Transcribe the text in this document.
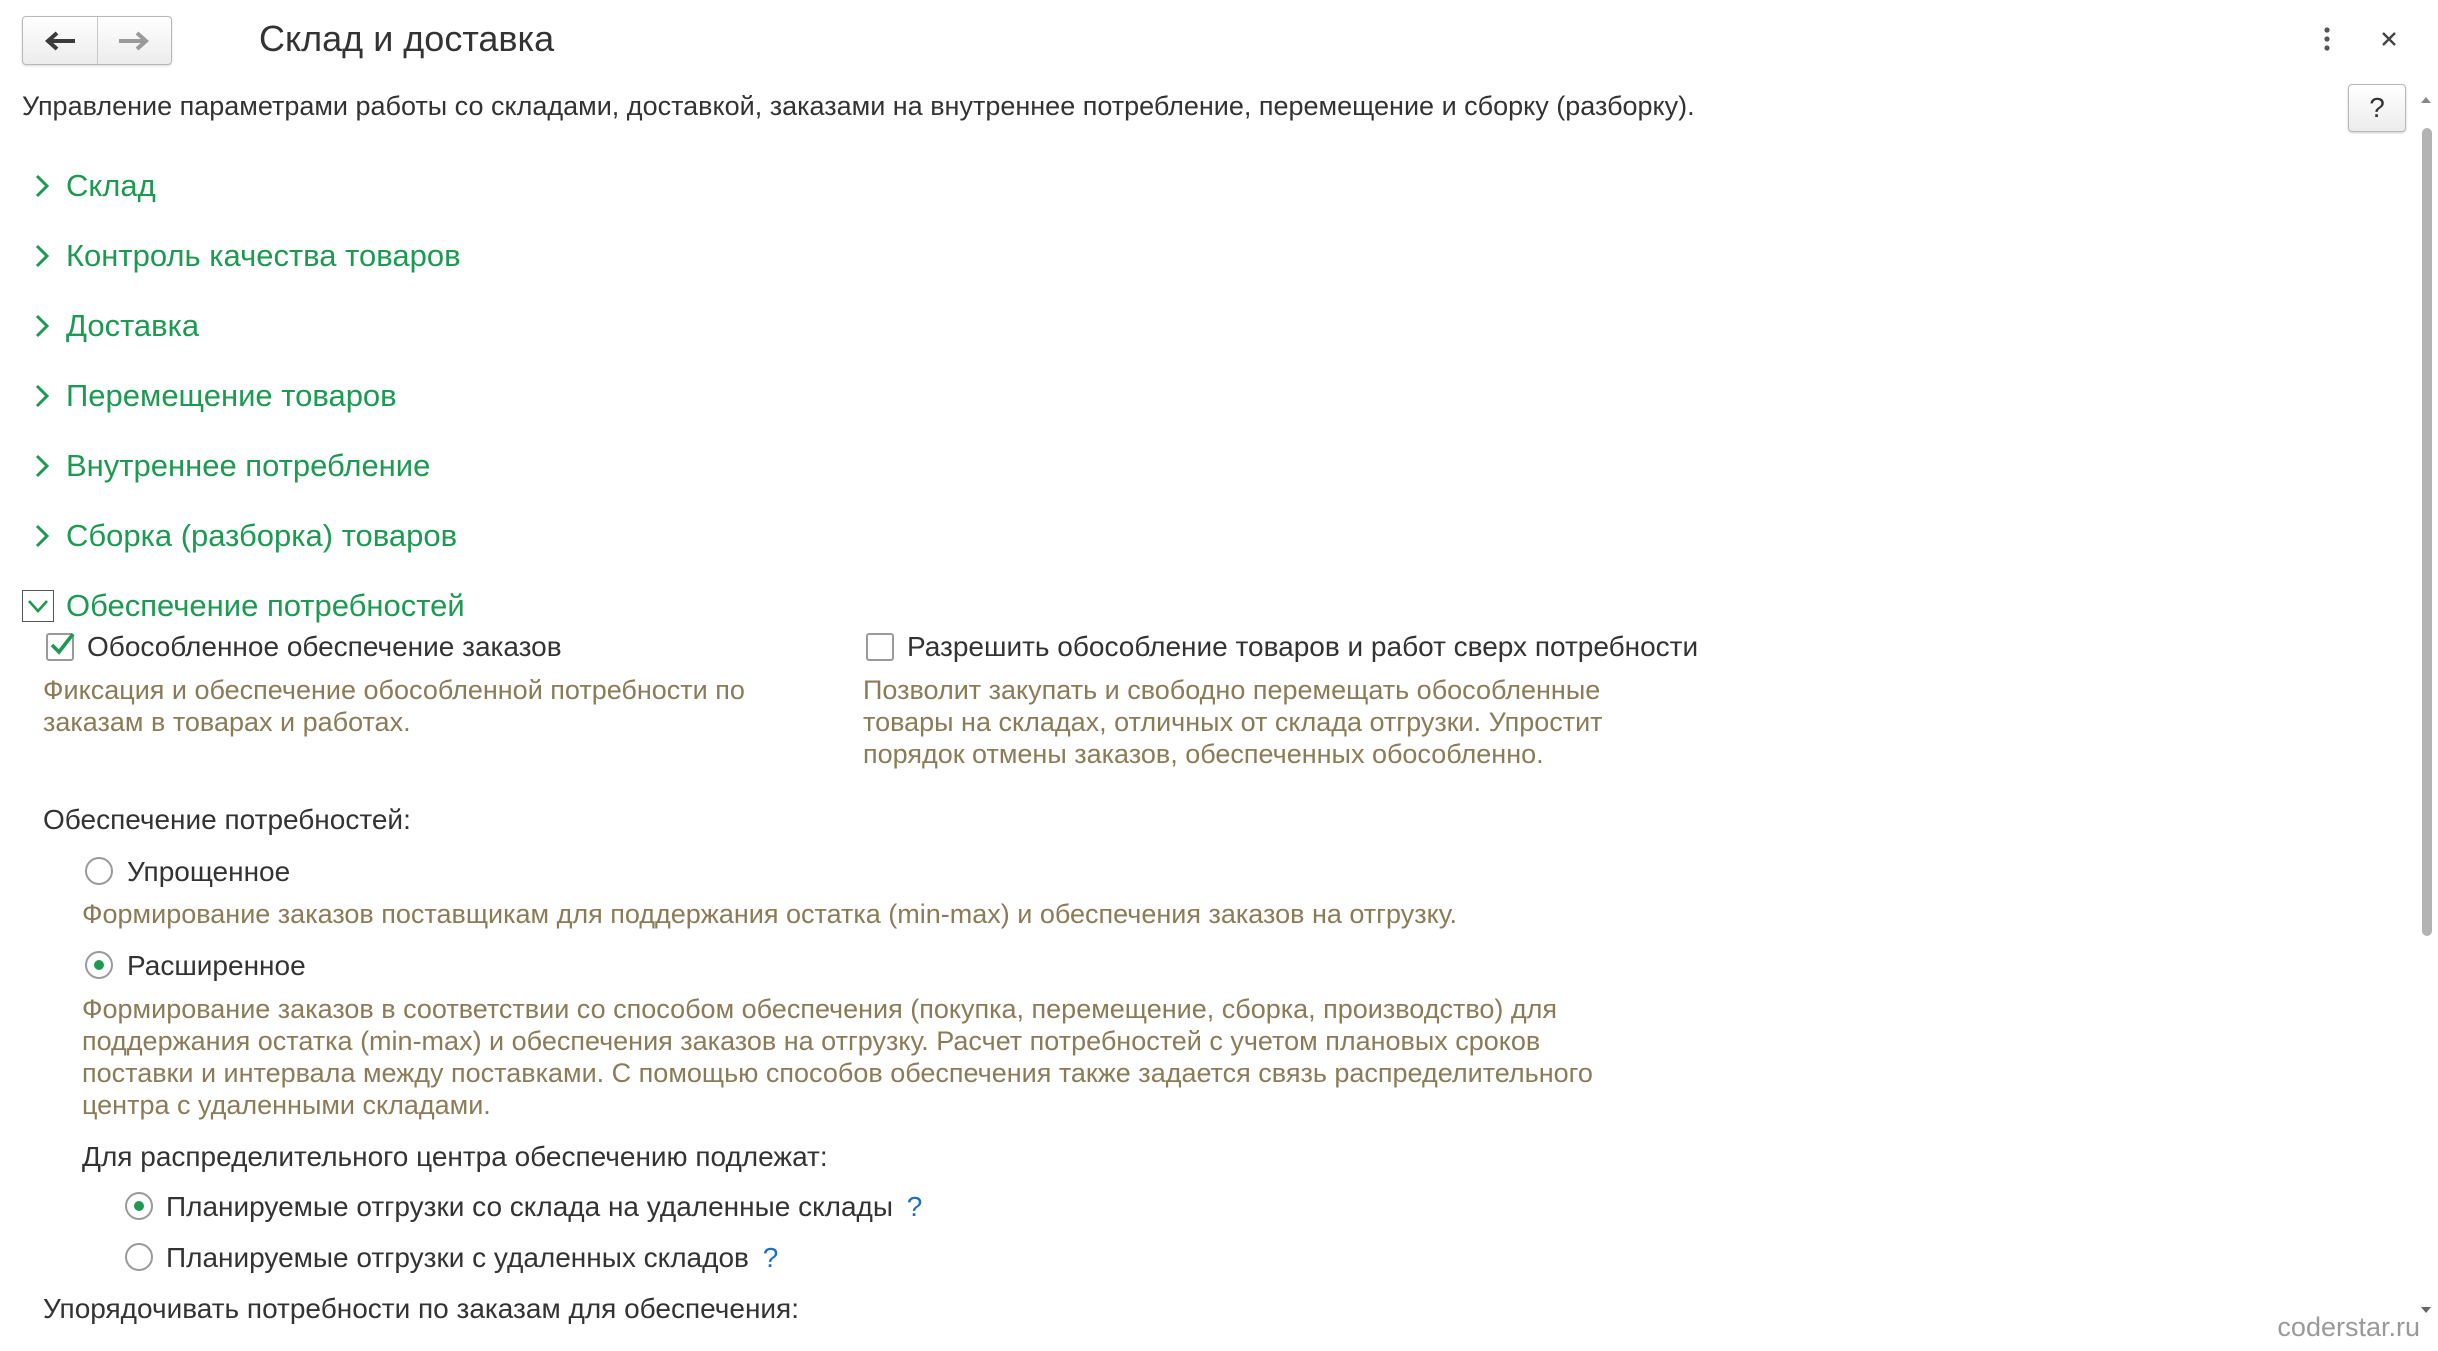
Склад и доставка
?
Управление параметрами работы со складами, доставкой, заказами на внутреннее потребление, перемещение и сборку (разборку).
Склад
Контроль качества товаров
Доставка
Перемещение товаров
Внутреннее потребление
Сборка (разборка) товаров
Обеспечение потребностей
Обособленное обеспечение заказов
Фиксация и обеспечение обособленной потребности по заказам в товарах и работах.
Разрешить обособление товаров и работ сверх потребности
Позволит закупать и свободно перемещать обособленные товары на складах, отличных от склада отгрузки. Упростит порядок отмены заказов, обеспеченных обособленно.
Обеспечение потребностей:
Упрощенное
Формирование заказов поставщикам для поддержания остатка (min-max) и обеспечения заказов на отгрузку.
Расширенное
Формирование заказов в соответствии со способом обеспечения (покупка, перемещение, сборка, производство) для поддержания остатка (min-max) и обеспечения заказов на отгрузку. Расчет потребностей с учетом плановых сроков поставки и интервала между поставками. С помощью способов обеспечения также задается связь распределительного центра с удаленными складами.
Для распределительного центра обеспечению подлежат:
Планируемые отгрузки со склада на удаленные склады ?
Планируемые отгрузки с удаленных складов ?
Упорядочивать потребности по заказам для обеспечения:
coderstar.ru
